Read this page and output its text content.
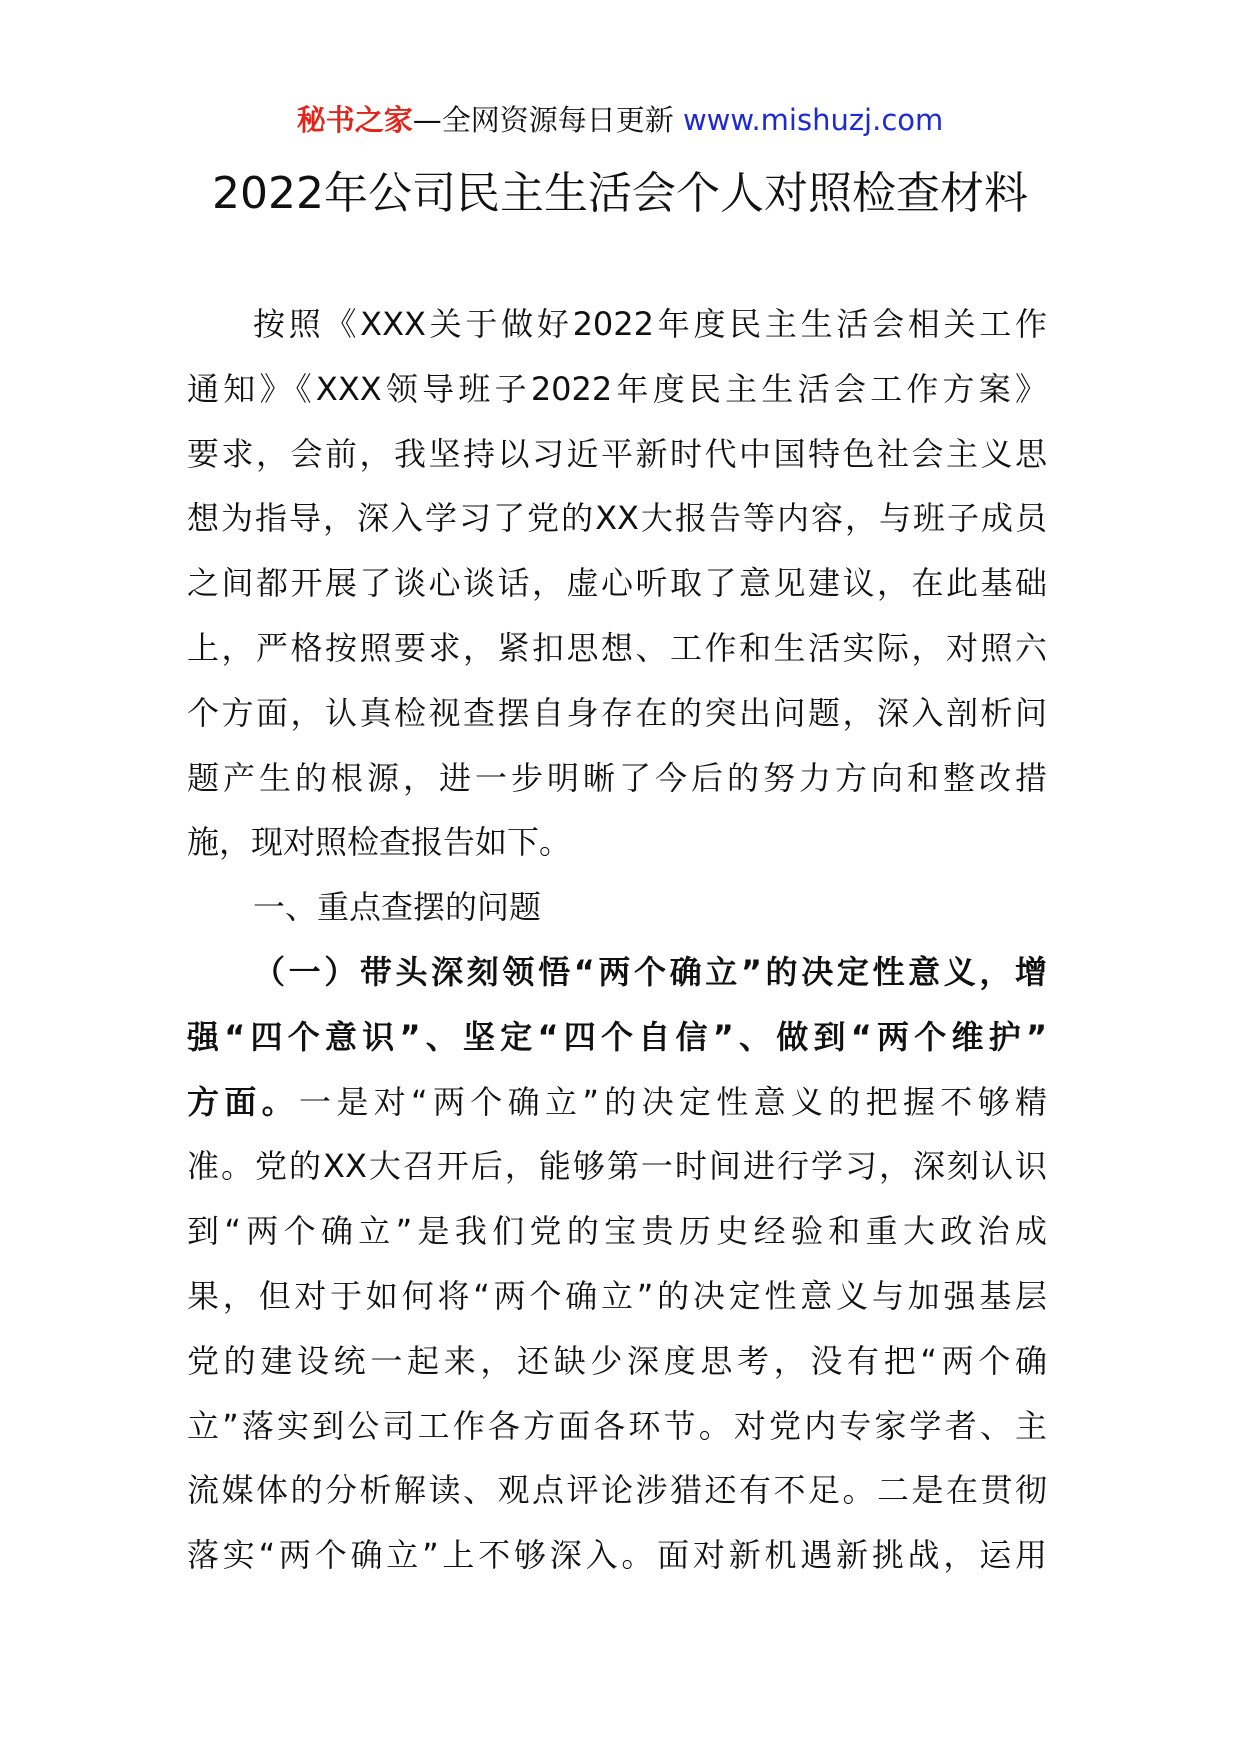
秘书之家—全网资源每日更新 www.mishuzj.com
2022年公司民主生活会个人对照检查材料
按照《XXX关于做好2022年度民主生活会相关工作
通知》《XXX领导班子2022年度民主生活会工作方案》
要求，会前，我坚持以习近平新时代中国特色社会主义思
想为指导，深入学习了党的XX大报告等内容，与班子成员
之间都开展了谈心谈话，虚心听取了意见建议，在此基础
上，严格按照要求，紧扣思想、工作和生活实际，对照六
个方面，认真检视查摆自身存在的突出问题，深入剖析问
题产生的根源，进一步明晰了今后的努力方向和整改措
施，现对照检查报告如下。
一、重点查摆的问题
（一）带头深刻领悟“两个确立”的决定性意义，增
强“四个意识”、坚定“四个自信”、做到“两个维护”
方面。一是对“两个确立”的决定性意义的把握不够精
准。党的XX大召开后，能够第一时间进行学习，深刻认识
到“两个确立”是我们党的宝贵历史经验和重大政治成
果，但对于如何将“两个确立”的决定性意义与加强基层
党的建设统一起来，还缺少深度思考，没有把“两个确
立”落实到公司工作各方面各环节。对党内专家学者、主
流媒体的分析解读、观点评论涉猎还有不足。二是在贯彻
落实“两个确立”上不够深入。面对新机遇新挑战，运用
